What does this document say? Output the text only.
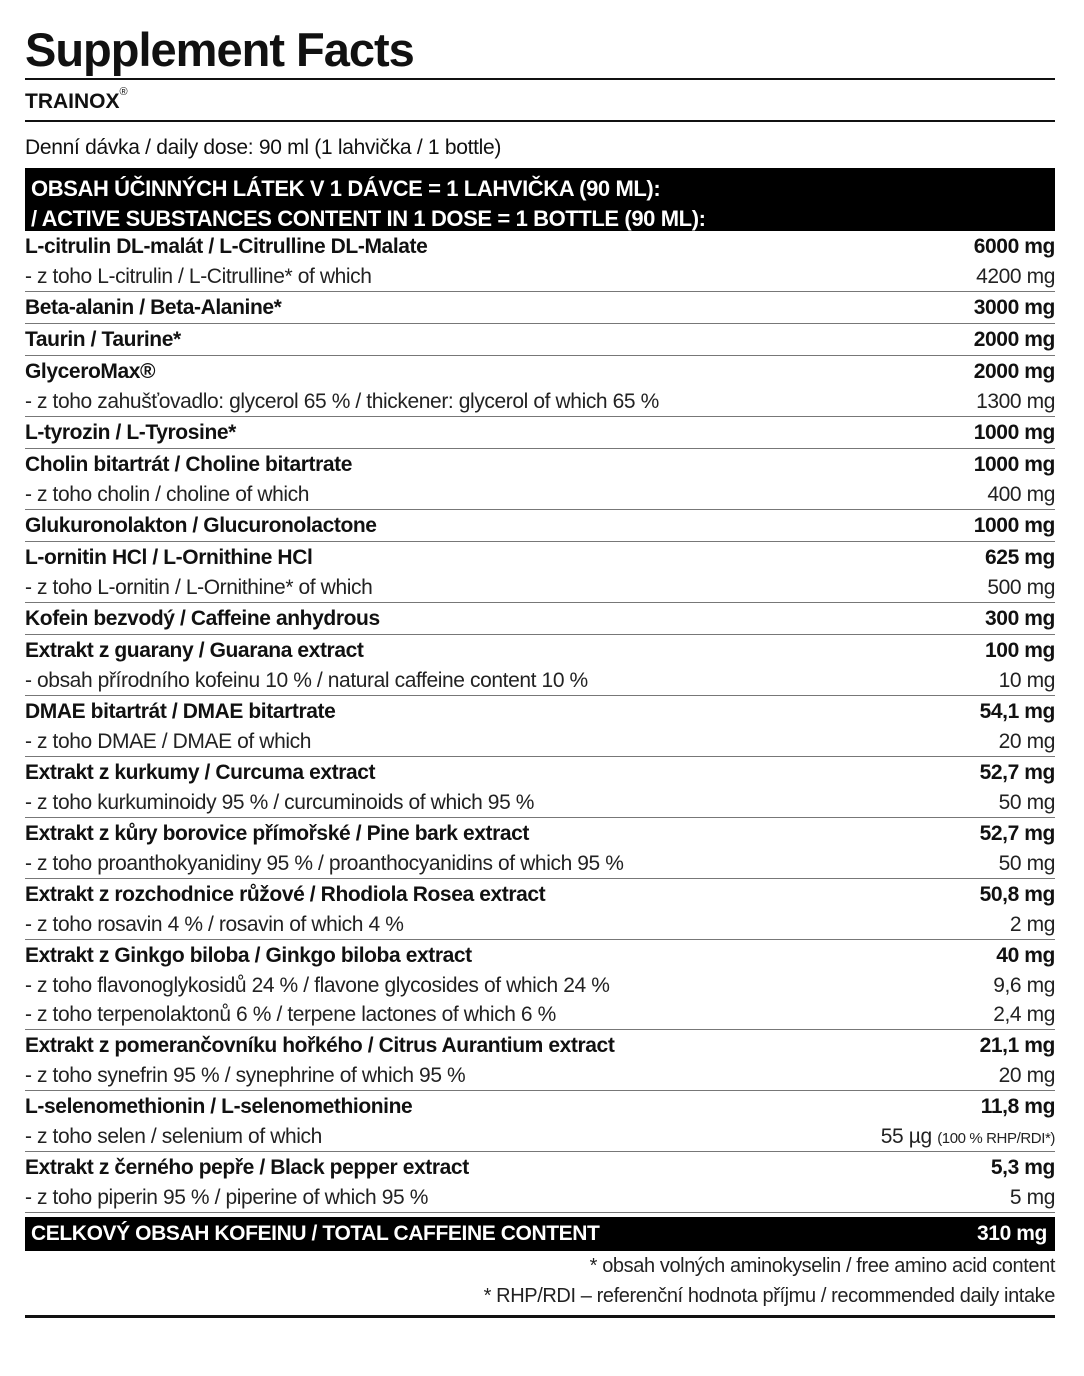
Supplement Facts
TRAINOX®
Denní dávka / daily dose: 90 ml (1 lahvička / 1 bottle)
OBSAH ÚČINNÝCH LÁTEK V 1 DÁVCE = 1 LAHVIČKA (90 ML):
/ ACTIVE SUBSTANCES CONTENT IN 1 DOSE = 1 BOTTLE (90 ML):
L-citrulin DL-malát / L-Citrulline DL-Malate	6000 mg
- z toho L-citrulin / L-Citrulline* of which	4200 mg
Beta-alanin / Beta-Alanine*	3000 mg
Taurin / Taurine*	2000 mg
GlyceroMax®	2000 mg
- z toho zahušťovadlo: glycerol 65 % / thickener: glycerol of which 65 %	1300 mg
L-tyrozin / L-Tyrosine*	1000 mg
Cholin bitartrát / Choline bitartrate	1000 mg
- z toho cholin / choline of which	400 mg
Glukuronolakton / Glucuronolactone	1000 mg
L-ornitin HCl / L-Ornithine HCl	625 mg
- z toho L-ornitin / L-Ornithine* of which	500 mg
Kofein bezvodý / Caffeine anhydrous	300 mg
Extrakt z guarany / Guarana extract	100 mg
- obsah přírodního kofeinu 10 % / natural caffeine content 10 %	10 mg
DMAE bitartrát / DMAE bitartrate	54,1 mg
- z toho DMAE / DMAE of which	20 mg
Extrakt z kurkumy / Curcuma extract	52,7 mg
- z toho kurkuminoidy 95 % / curcuminoids of which 95 %	50 mg
Extrakt z kůry borovice přímořské / Pine bark extract	52,7 mg
- z toho proanthokyanidiny 95 % / proanthocyanidins of which 95 %	50 mg
Extrakt z rozchodnice růžové / Rhodiola Rosea extract	50,8 mg
- z toho rosavin 4 % / rosavin of which 4 %	2 mg
Extrakt z Ginkgo biloba / Ginkgo biloba extract	40 mg
- z toho flavonoglykosidů 24 % / flavone glycosides of which 24 %	9,6 mg
- z toho terpenolaktonů 6 % / terpene lactones of which 6 %	2,4 mg
Extrakt z pomerančovníku hořkého / Citrus Aurantium extract	21,1 mg
- z toho synefrin 95 % / synephrine of which 95 %	20 mg
L-selenomethionin / L-selenomethionine	11,8 mg
- z toho selen / selenium of which	55 µg (100 % RHP/RDI*)
Extrakt z černého pepře / Black pepper extract	5,3 mg
- z toho piperin 95 % / piperine of which 95 %	5 mg
CELKOVÝ OBSAH KOFEINU / TOTAL CAFFEINE CONTENT	310 mg
* obsah volných aminokyselin / free amino acid content
* RHP/RDI – referenční hodnota příjmu / recommended daily intake
